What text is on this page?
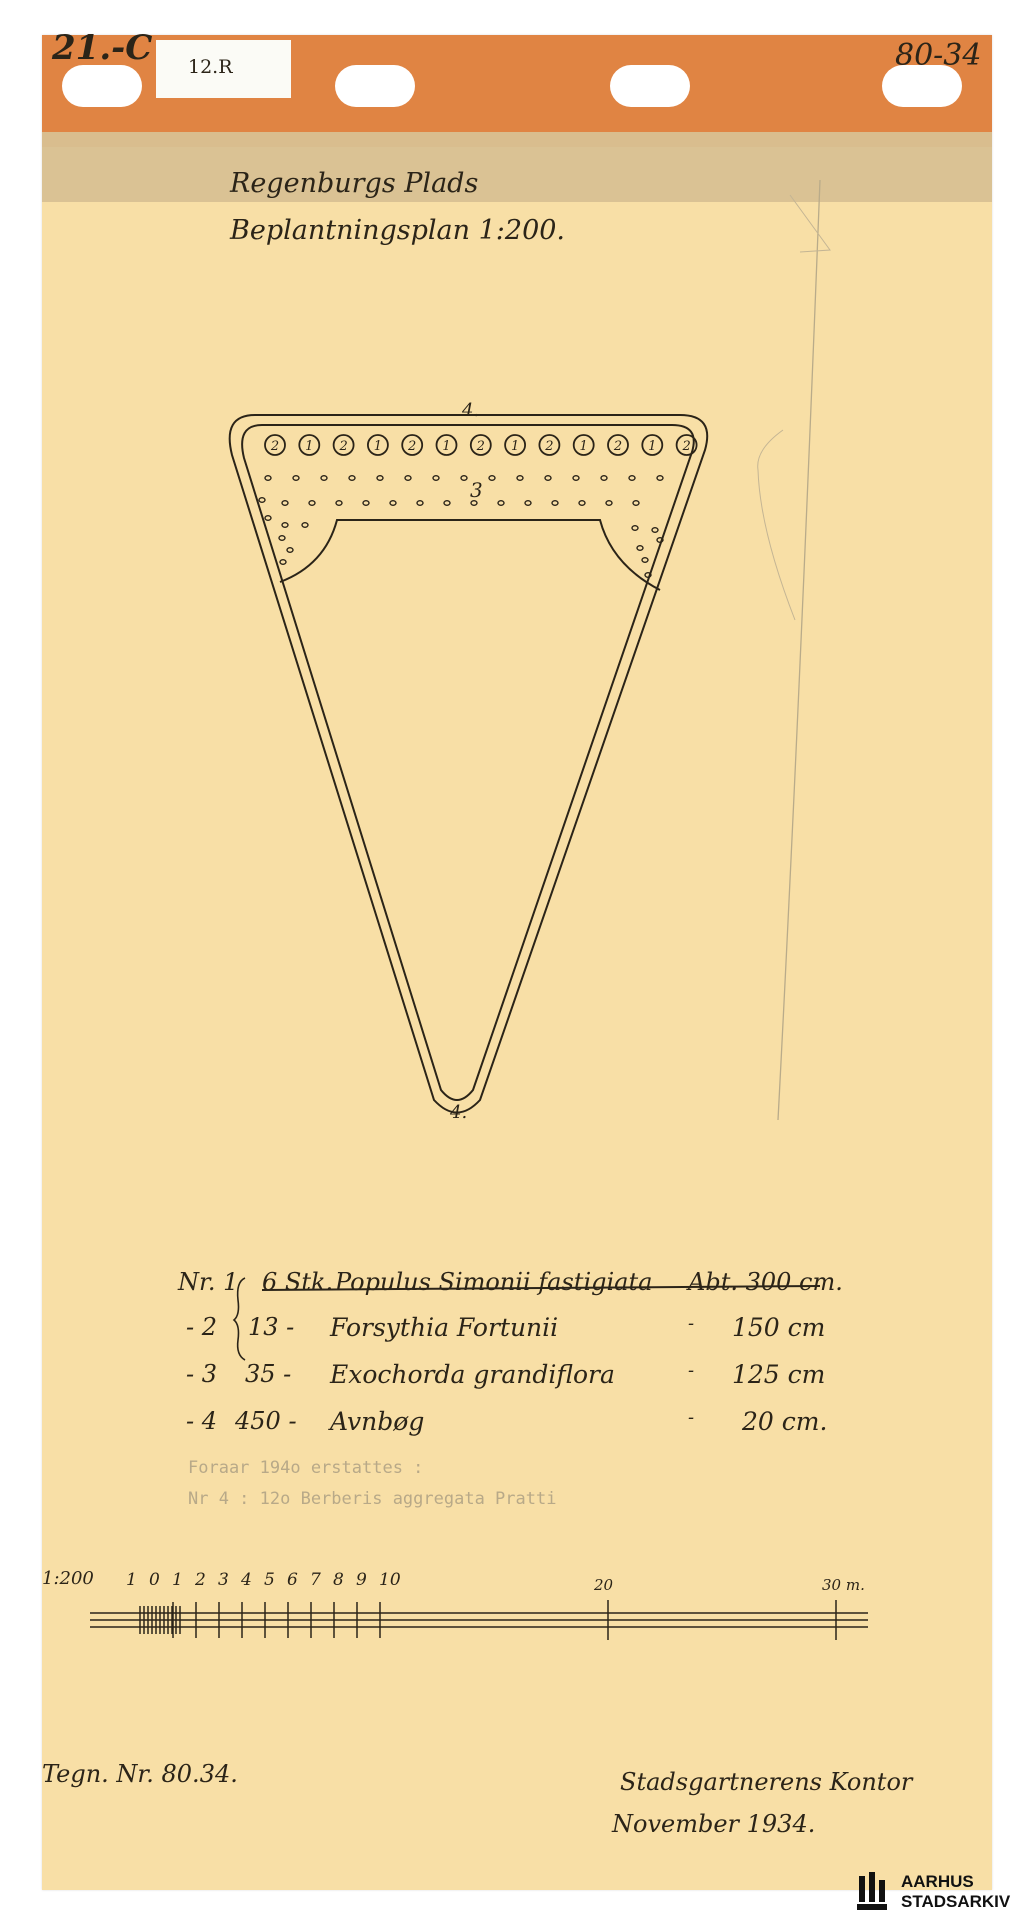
21.-C 12.R	80-34
Regenburgs Plads
Beplantningsplan 1:200.
2 1 2 1 2 1 2 1 2 1 2 1 2
4.
3
4.
Nr. 1 6 Stk. Populus Simonii fastigiata Abt. 300 cm.
- 2 13 - Forsythia Fortunii	- 150 cm
- 3 35 - Exochorda grandiflora	- 125 cm
- 4 450 - Avnbøg	- 20 cm.
Foraar 194o erstattes :
Nr 4 : 12o Berberis aggregata Pratti
1:200 1 0 1 2 3 4 5 6 7 8 9 10	20	30 m.
Tegn. Nr. 80.34.	Stadsgartnerens Kontor
November 1934.
AARHUS
STADSARKIV
